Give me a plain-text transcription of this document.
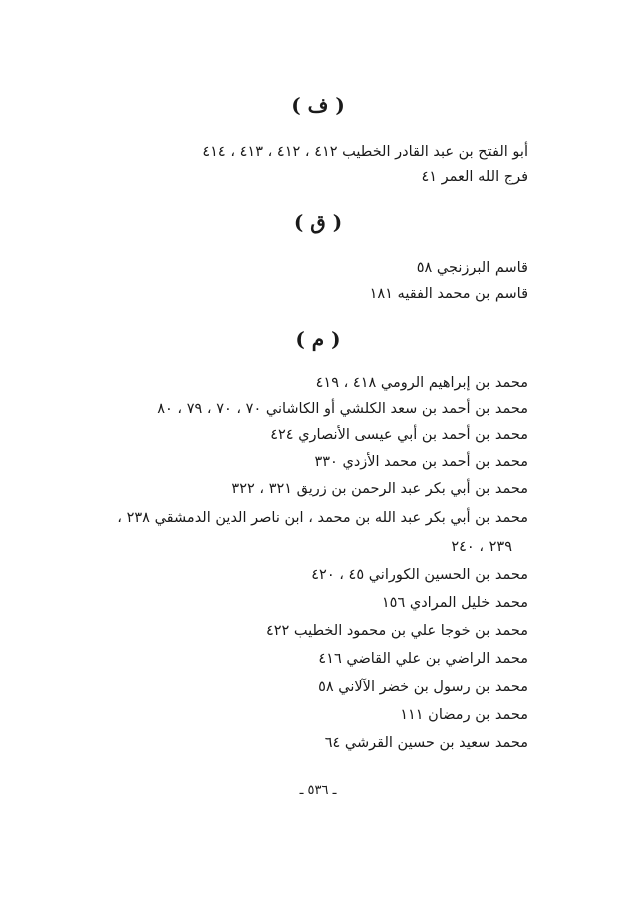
( ف )
أبو الفتح بن عبد القادر الخطيب ٤١٢ ، ٤١٢ ، ٤١٣ ، ٤١٤
فرج الله العمر ٤١
( ق )
قاسم البرزنجي ٥٨
قاسم بن محمد الفقيه ١٨١
( م )
محمد بن إبراهيم الرومي ٤١٨ ، ٤١٩
محمد بن أحمد بن سعد الكلشي أو الكاشاني ٧٠ ، ٧٠ ، ٧٩ ، ٨٠
محمد بن أحمد بن أبي عيسى الأنصاري ٤٢٤
محمد بن أحمد بن محمد الأزدي ٣٣٠
محمد بن أبي بكر عبد الرحمن بن زريق ٣٢١ ، ٣٢٢
محمد بن أبي بكر عبد الله بن محمد ، ابن ناصر الدين الدمشقي ٢٣٨ ،
٢٣٩ ، ٢٤٠
محمد بن الحسين الكوراني ٤٥ ، ٤٢٠
محمد خليل المرادي ١٥٦
محمد بن خوجا علي بن محمود الخطيب ٤٢٢
محمد الراضي بن علي القاضي ٤١٦
محمد بن رسول بن خضر الآلاني ٥٨
محمد بن رمضان ١١١
محمد سعيد بن حسين القرشي ٦٤
ـ ٥٣٦ ـ
